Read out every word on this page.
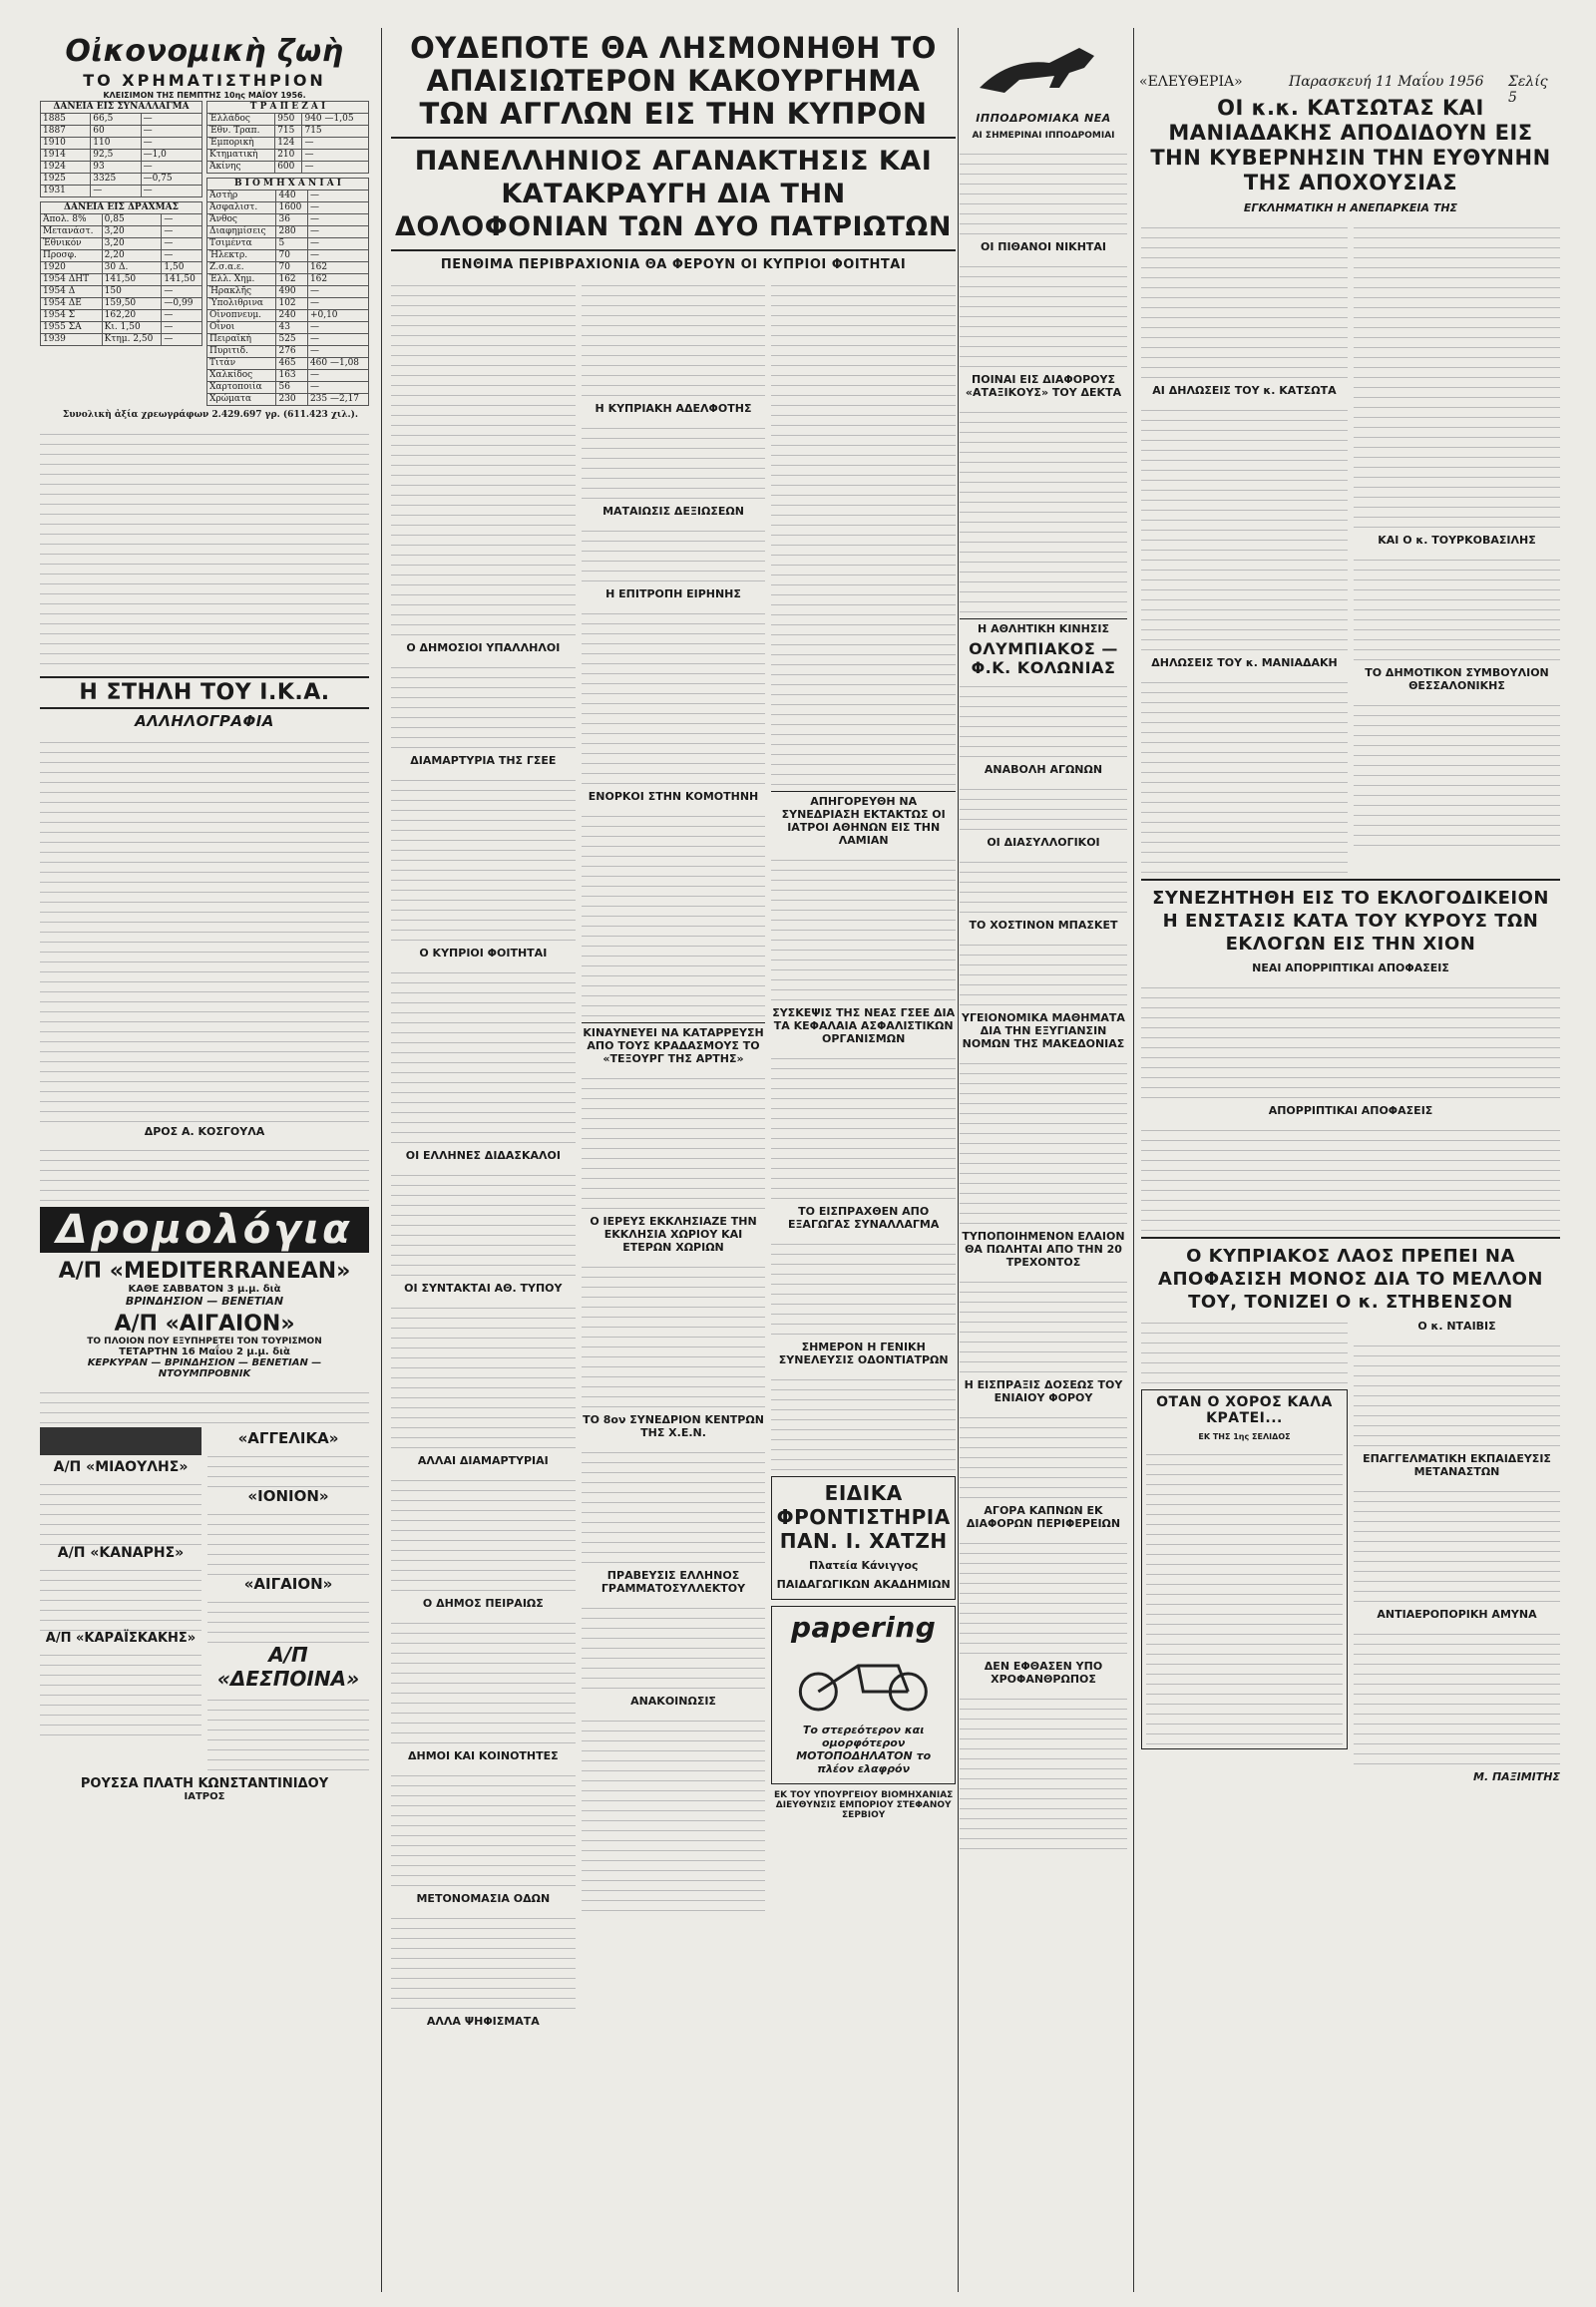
«ΕΛΕΥΘΕΡΙΑ»	Παρασκευή 11 Μαΐου 1956 Σελίς 5
Οἰκονομικὴ ζωὴ
ΤΟ ΧΡΗΜΑΤΙΣΤΗΡΙΟΝ
ΚΛΕΙΣΙΜΟΝ ΤΗΣ ΠΕΜΠΤΗΣ 10ης ΜΑΪΟΥ 1956.
ΔΑΝΕΙΑ ΕΙΣ ΣΥΝΑΛΛΑΓΜΑ		
1885	66,5	—
1887	60	—
1910	110	—
1914	92,5	—1,0
1924	93	—
1925	3325	—0,75
1931	—	—
ΔΑΝΕΙΑ ΕΙΣ ΔΡΑΧΜΑΣ		
Ἀπολ. 8%	0,85	—
Μετανάστ.	3,20	—
Ἐθνικόν	3,20	—
Προσφ.	2,20	—
1920	30 Δ.	1,50
1954 ΔΗΤ	141,50	141,50
1954 Δ	150	—
1954 ΔΕ	159,50	—0,99
1954 Σ	162,20	—
1955 ΣΑ	Κι. 1,50	—
1939	Κτημ. 2,50	—
Τ Ρ Α Π Ε Ζ Α Ι		
Ἑλλάδος	950	940 —1,05
Ἐθν. Τραπ.	715	715
Ἐμπορικὴ	124	—
Κτηματικὴ	210	—
Ἀκίνης	600	—
Β Ι Ο Μ Η Χ Α Ν Ι Α Ι		
Ἀστὴρ	440	—
Ἀσφαλιστ.	1600	—
Ἄνθος	36	—
Διαφημίσεις	280	—
Τσιμέντα	5	—
Ἠλεκτρ.	70	—
Ζ.σ.α.ε.	70	162
Ἐλλ. Χημ.	162	162
Ἡρακλῆς	490	—
Ὑπολιθρινα	102	—
Οἰνοπνευμ.	240	+0,10
Οἶνοι	43	—
Πειραϊκὴ	525	—
Πυριτιδ.	276	—
Τιτάν	465	460 —1,08
Χαλκίδος	163	—
Χαρτοποιία	56	—
Χρώματα	230	235 —2,17
Συνολικὴ ἀξία χρεωγράφων 2.429.697 γρ. (611.423 χιλ.).
Η ΣΤΗΛΗ ΤΟΥ Ι.Κ.Α.
ΑΛΛΗΛΟΓΡΑΦΙΑ
ΔΡΟΣ Α. ΚΟΣΓΟΥΛΑ
Δρομολόγια
Α/Π «MEDITERRANEAN»
ΚΑΘΕ ΣΑΒΒΑΤΟΝ 3 μ.μ. διὰ
ΒΡΙΝΔΗΣΙΟΝ — ΒΕΝΕΤΙΑΝ
Α/Π «ΑΙΓΑΙΟΝ»
ΤΟ ΠΛΟΙΟΝ ΠΟΥ ΕΞΥΠΗΡΕΤΕΙ ΤΟΝ ΤΟΥΡΙΣΜΟΝ
ΤΕΤΑΡΤΗΝ 16 Μαΐου 2 μ.μ. διὰ
ΚΕΡΚΥΡΑΝ — ΒΡΙΝΔΗΣΙΟΝ — ΒΕΝΕΤΙΑΝ — ΝΤΟΥΜΠΡΟΒΝΙΚ
Α/Π «ΜΙΑΟΥΛΗΣ»
Α/Π «ΚΑΝΑΡΗΣ»
Α/Π «ΚΑΡΑΪΣΚΑΚΗΣ»
«ΑΓΓΕΛΙΚΑ»
«ΙΟΝΙΟΝ»
«ΑΙΓΑΙΟΝ»
Α/Π «ΔΕΣΠΟΙΝΑ»
ΡΟΥΣΣΑ ΠΛΑΤΗ ΚΩΝΣΤΑΝΤΙΝΙΔΟΥ
ΙΑΤΡΟΣ
ΟΥΔΕΠΟΤΕ ΘΑ ΛΗΣΜΟΝΗΘΗ ΤΟ ΑΠΑΙΣΙΩΤΕΡΟΝ ΚΑΚΟΥΡΓΗΜΑ ΤΩΝ ΑΓΓΛΩΝ ΕΙΣ ΤΗΝ ΚΥΠΡΟΝ
ΠΑΝΕΛΛΗΝΙΟΣ ΑΓΑΝΑΚΤΗΣΙΣ ΚΑΙ ΚΑΤΑΚΡΑΥΓΗ ΔΙΑ ΤΗΝ ΔΟΛΟΦΟΝΙΑΝ ΤΩΝ ΔΥΟ ΠΑΤΡΙΩΤΩΝ
ΠΕΝΘΙΜΑ ΠΕΡΙΒΡΑΧΙΟΝΙΑ ΘΑ ΦΕΡΟΥΝ ΟΙ ΚΥΠΡΙΟΙ ΦΟΙΤΗΤΑΙ
Ο ΔΗΜΟΣΙΟΙ ΥΠΑΛΛΗΛΟΙ
ΔΙΑΜΑΡΤΥΡΙΑ ΤΗΣ ΓΣΕΕ
Ο ΚΥΠΡΙΟΙ ΦΟΙΤΗΤΑΙ
ΟΙ ΕΛΛΗΝΕΣ ΔΙΔΑΣΚΑΛΟΙ
ΟΙ ΣΥΝΤΑΚΤΑΙ ΑΘ. ΤΥΠΟΥ
ΑΛΛΑΙ ΔΙΑΜΑΡΤΥΡΙΑΙ
Ο ΔΗΜΟΣ ΠΕΙΡΑΙΩΣ
ΔΗΜΟΙ ΚΑΙ ΚΟΙΝΟΤΗΤΕΣ
ΜΕΤΟΝΟΜΑΣΙΑ ΟΔΩΝ
ΑΛΛΑ ΨΗΦΙΣΜΑΤΑ
Η ΚΥΠΡΙΑΚΗ ΑΔΕΛΦΟΤΗΣ
ΜΑΤΑΙΩΣΙΣ ΔΕΞΙΩΣΕΩΝ
Η ΕΠΙΤΡΟΠΗ ΕΙΡΗΝΗΣ
ΕΝΟΡΚΟΙ ΣΤΗΝ ΚΟΜΟΤΗΝΗ
ΚΙΝΑΥΝΕΥΕΙ ΝΑ ΚΑΤΑΡΡΕΥΣΗ ΑΠΟ ΤΟΥΣ ΚΡΑΔΑΣΜΟΥΣ ΤΟ «ΤΕΞΟΥΡΓ ΤΗΣ ΑΡΤΗΣ»
Ο ΙΕΡΕΥΣ ΕΚΚΛΗΣΙΑΖΕ ΤΗΝ ΕΚΚΛΗΣΙΑ ΧΩΡΙΟΥ ΚΑΙ ΕΤΕΡΩΝ ΧΩΡΙΩΝ
ΤΟ 8ον ΣΥΝΕΔΡΙΟΝ ΚΕΝΤΡΩΝ ΤΗΣ Χ.Ε.Ν.
ΠΡΑΒΕΥΣΙΣ ΕΛΛΗΝΟΣ ΓΡΑΜΜΑΤΟΣΥΛΛΕΚΤΟΥ
ΑΝΑΚΟΙΝΩΣΙΣ
ΑΠΗΓΟΡΕΥΘΗ ΝΑ ΣΥΝΕΔΡΙΑΣΗ ΕΚΤΑΚΤΩΣ ΟΙ ΙΑΤΡΟΙ ΑΘΗΝΩΝ ΕΙΣ ΤΗΝ ΛΑΜΙΑΝ
ΣΥΣΚΕΨΙΣ ΤΗΣ ΝΕΑΣ ΓΣΕΕ ΔΙΑ ΤΑ ΚΕΦΑΛΑΙΑ ΑΣΦΑΛΙΣΤΙΚΩΝ ΟΡΓΑΝΙΣΜΩΝ
ΤΟ ΕΙΣΠΡΑΧΘΕΝ ΑΠΟ ΕΞΑΓΩΓΑΣ ΣΥΝΑΛΛΑΓΜΑ
ΣΗΜΕΡΟΝ Η ΓΕΝΙΚΗ ΣΥΝΕΛΕΥΣΙΣ ΟΔΟΝΤΙΑΤΡΩΝ
ΕΙΔΙΚΑ ΦΡΟΝΤΙΣΤΗΡΙΑ ΠΑΝ. Ι. ΧΑΤΖΗ
Πλατεία Κάνιγγος
ΠΑΙΔΑΓΩΓΙΚΩΝ ΑΚΑΔΗΜΙΩΝ
papering
Το στερεότερον και ομορφότερον ΜΟΤΟΠΟΔΗΛΑΤΟΝ το πλέον ελαφρόν
ΕΚ ΤΟΥ ΥΠΟΥΡΓΕΙΟΥ ΒΙΟΜΗΧΑΝΙΑΣ ΔΙΕΥΘΥΝΣΙΣ ΕΜΠΟΡΙΟΥ ΣΤΕΦΑΝΟΥ ΣΕΡΒΙΟΥ
ΙΠΠΟΔΡΟΜΙΑΚΑ ΝΕΑ
ΑΙ ΣΗΜΕΡΙΝΑΙ ΙΠΠΟΔΡΟΜΙΑΙ
ΟΙ ΠΙΘΑΝΟΙ ΝΙΚΗΤΑΙ
ΠΟΙΝΑΙ ΕΙΣ ΔΙΑΦΟΡΟΥΣ «ΑΤΑΞΙΚΟΥΣ» ΤΟΥ ΔΕΚΤΑ
Η ΑΘΛΗΤΙΚΗ ΚΙΝΗΣΙΣ
ΟΛΥΜΠΙΑΚΟΣ — Φ.Κ. ΚΟΛΩΝΙΑΣ
ΑΝΑΒΟΛΗ ΑΓΩΝΩΝ
ΟΙ ΔΙΑΣΥΛΛΟΓΙΚΟΙ
ΤΟ ΧΟΣΤΙΝΟΝ ΜΠΑΣΚΕΤ
ΥΓΕΙΟΝΟΜΙΚΑ ΜΑΘΗΜΑΤΑ ΔΙΑ ΤΗΝ ΕΞΥΓΙΑΝΣΙΝ ΝΟΜΩΝ ΤΗΣ ΜΑΚΕΔΟΝΙΑΣ
ΤΥΠΟΠΟΙΗΜΕΝΟΝ ΕΛΑΙΟΝ ΘΑ ΠΩΛΗΤΑΙ ΑΠΟ ΤΗΝ 20 ΤΡΕΧΟΝΤΟΣ
Η ΕΙΣΠΡΑΞΙΣ ΔΟΣΕΩΣ ΤΟΥ ΕΝΙΑΙΟΥ ΦΟΡΟΥ
ΑΓΟΡΑ ΚΑΠΝΩΝ ΕΚ ΔΙΑΦΟΡΩΝ ΠΕΡΙΦΕΡΕΙΩΝ
ΔΕΝ ΕΦΘΑΣΕΝ ΥΠΟ ΧΡΟΦΑΝΘΡΩΠΟΣ
ΟΙ κ.κ. ΚΑΤΣΩΤΑΣ ΚΑΙ ΜΑΝΙΑΔΑΚΗΣ ΑΠΟΔΙΔΟΥΝ ΕΙΣ ΤΗΝ ΚΥΒΕΡΝΗΣΙΝ ΤΗΝ ΕΥΘΥΝΗΝ ΤΗΣ ΑΠΟΧΟΥΣΙΑΣ
ΕΓΚΛΗΜΑΤΙΚΗ Η ΑΝΕΠΑΡΚΕΙΑ ΤΗΣ
ΑΙ ΔΗΛΩΣΕΙΣ ΤΟΥ κ. ΚΑΤΣΩΤΑ
ΔΗΛΩΣΕΙΣ ΤΟΥ κ. ΜΑΝΙΑΔΑΚΗ
ΚΑΙ Ο κ. ΤΟΥΡΚΟΒΑΣΙΛΗΣ
ΤΟ ΔΗΜΟΤΙΚΟΝ ΣΥΜΒΟΥΛΙΟΝ ΘΕΣΣΑΛΟΝΙΚΗΣ
ΣΥΝΕΖΗΤΗΘΗ ΕΙΣ ΤΟ ΕΚΛΟΓΟΔΙΚΕΙΟΝ Η ΕΝΣΤΑΣΙΣ ΚΑΤΑ ΤΟΥ ΚΥΡΟΥΣ ΤΩΝ ΕΚΛΟΓΩΝ ΕΙΣ ΤΗΝ ΧΙΟΝ
ΝΕΑΙ ΑΠΟΡΡΙΠΤΙΚΑΙ ΑΠΟΦΑΣΕΙΣ
ΑΠΟΡΡΙΠΤΙΚΑΙ ΑΠΟΦΑΣΕΙΣ
Ο ΚΥΠΡΙΑΚΟΣ ΛΑΟΣ ΠΡΕΠΕΙ ΝΑ ΑΠΟΦΑΣΙΣΗ ΜΟΝΟΣ ΔΙΑ ΤΟ ΜΕΛΛΟΝ ΤΟΥ, ΤΟΝΙΖΕΙ Ο κ. ΣΤΗΒΕΝΣΟΝ
ΟΤΑΝ Ο ΧΟΡΟΣ ΚΑΛΑ ΚΡΑΤΕΙ...
ΕΚ ΤΗΣ 1ης ΣΕΛΙΔΟΣ
Ο κ. ΝΤΑΙΒΙΣ
ΕΠΑΓΓΕΛΜΑΤΙΚΗ ΕΚΠΑΙΔΕΥΣΙΣ ΜΕΤΑΝΑΣΤΩΝ
ΑΝΤΙΑΕΡΟΠΟΡΙΚΗ ΑΜΥΝΑ
Μ. ΠΑΞΙΜΙΤΗΣ
